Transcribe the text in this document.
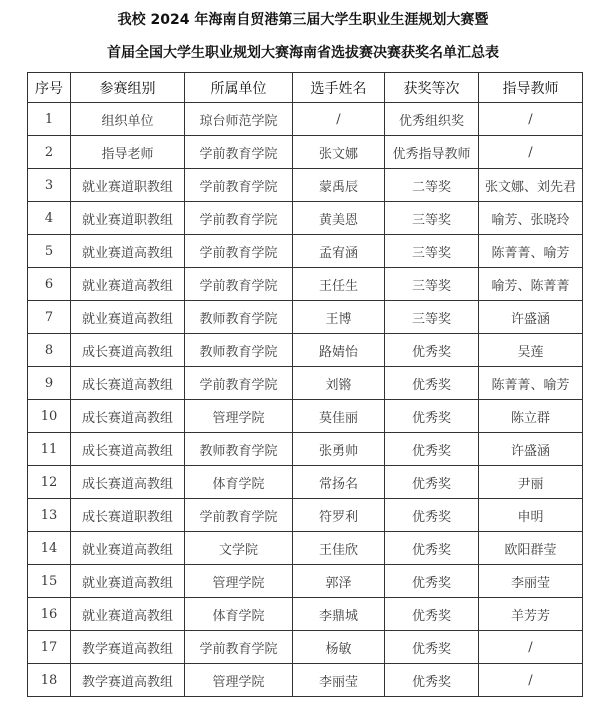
我校 2024 年海南自贸港第三届大学生职业生涯规划大赛暨
首届全国大学生职业规划大赛海南省选拔赛决赛获奖名单汇总表
序号	参赛组别	所属单位	选手姓名	获奖等次	指导教师
1	组织单位	琼台师范学院	/	优秀组织奖	/
2	指导老师	学前教育学院	张文娜	优秀指导教师	/
3	就业赛道职教组	学前教育学院	蒙禹辰	二等奖	张文娜、刘先君
4	就业赛道职教组	学前教育学院	黄美恩	三等奖	喻芳、张晓玲
5	就业赛道高教组	学前教育学院	孟宥涵	三等奖	陈菁菁、喻芳
6	就业赛道高教组	学前教育学院	王任生	三等奖	喻芳、陈菁菁
7	就业赛道高教组	教师教育学院	王博	三等奖	许盛涵
8	成长赛道高教组	教师教育学院	路婧怡	优秀奖	吴莲
9	成长赛道高教组	学前教育学院	刘锵	优秀奖	陈菁菁、喻芳
10	成长赛道高教组	管理学院	莫佳丽	优秀奖	陈立群
11	成长赛道高教组	教师教育学院	张勇帅	优秀奖	许盛涵
12	成长赛道高教组	体育学院	常扬名	优秀奖	尹丽
13	成长赛道职教组	学前教育学院	符罗利	优秀奖	申明
14	就业赛道高教组	文学院	王佳欣	优秀奖	欧阳群莹
15	就业赛道高教组	管理学院	郭泽	优秀奖	李丽莹
16	就业赛道高教组	体育学院	李鼎城	优秀奖	羊芳芳
17	教学赛道高教组	学前教育学院	杨敏	优秀奖	/
18	教学赛道高教组	管理学院	李丽莹	优秀奖	/
